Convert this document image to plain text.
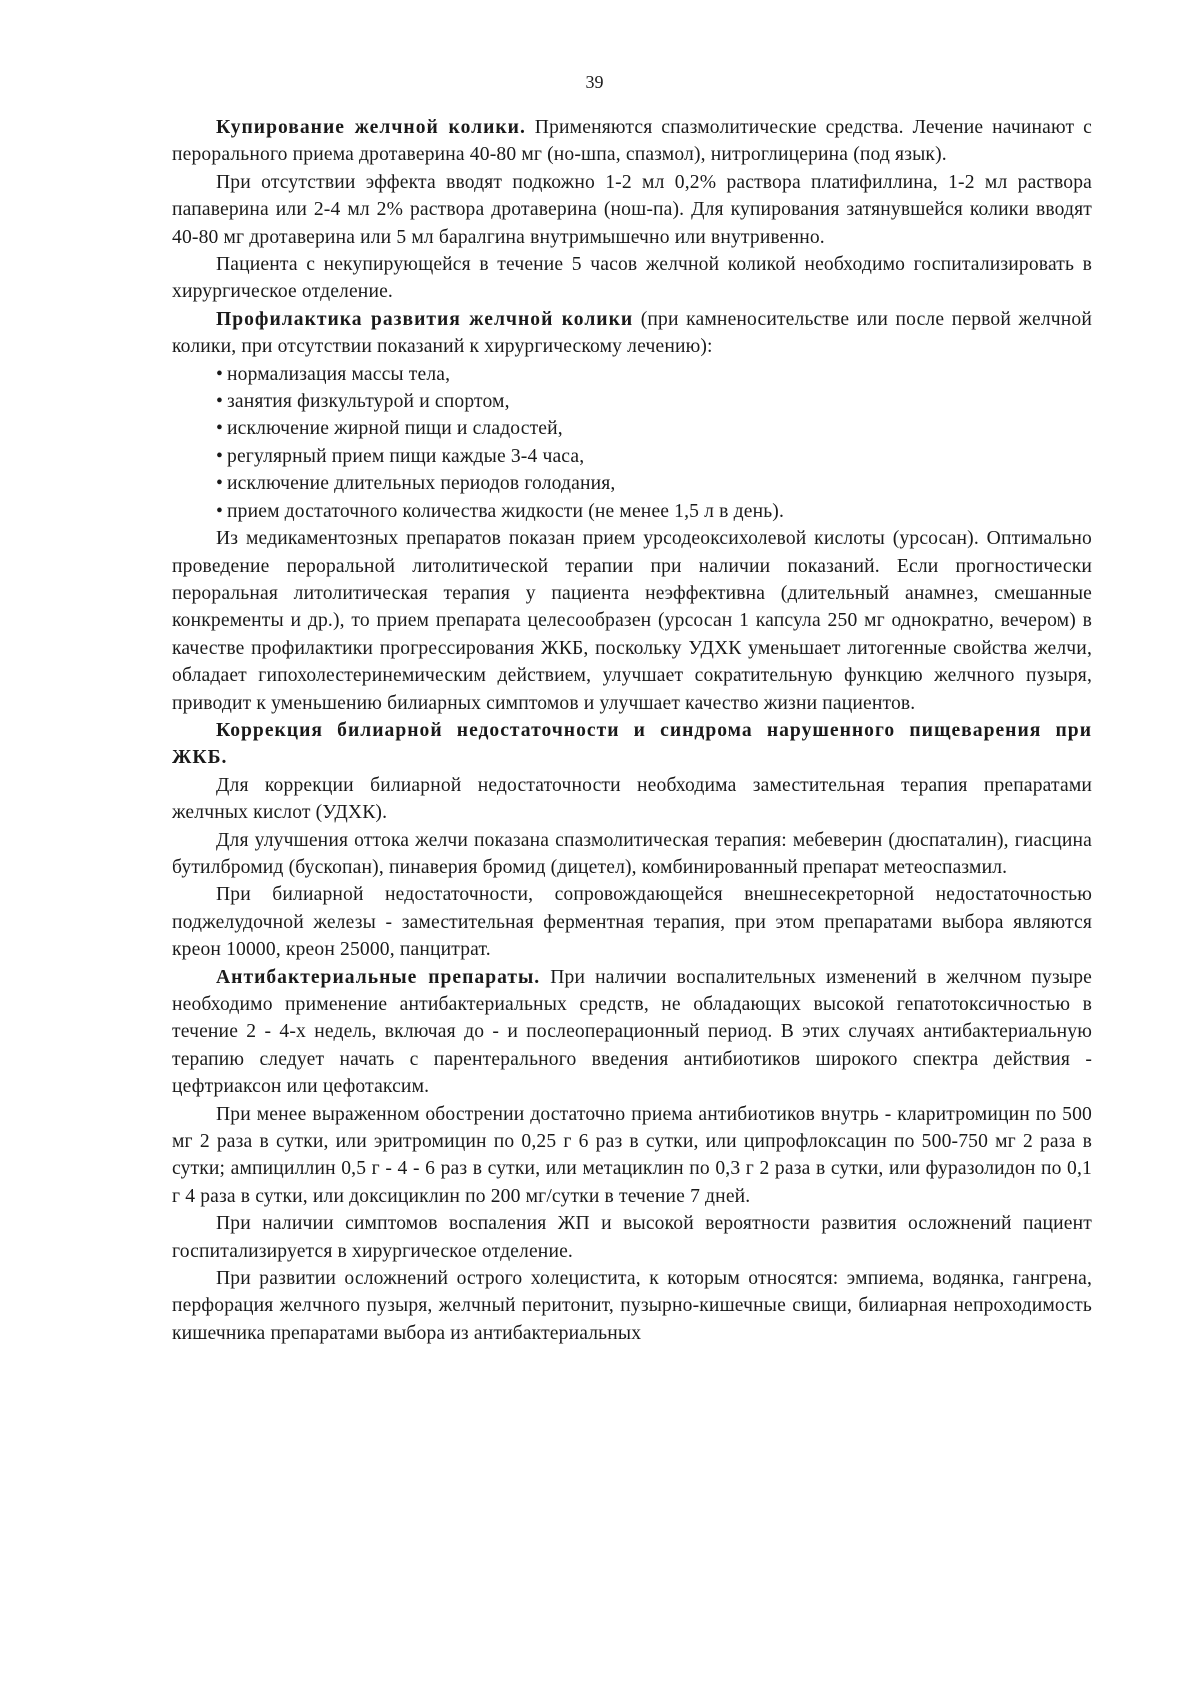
39

Купирование желчной колики. Применяются спазмолитические средства. Лечение начинают с перорального приема дротаверина 40-80 мг (но-шпа, спазмол), нитроглицерина (под язык).

При отсутствии эффекта вводят подкожно 1-2 мл 0,2% раствора платифиллина, 1-2 мл раствора папаверина или 2-4 мл 2% раствора дротаверина (нош-па). Для купирования затянувшейся колики вводят 40-80 мг дротаверина или 5 мл баралгина внутримышечно или внутривенно.

Пациента с некупирующейся в течение 5 часов желчной коликой необходимо госпитализировать в хирургическое отделение.

Профилактика развития желчной колики (при камненосительстве или после первой желчной колики, при отсутствии показаний к хирургическому лечению):

• нормализация массы тела,
• занятия физкультурой и спортом,
• исключение жирной пищи и сладостей,
• регулярный прием пищи каждые 3-4 часа,
• исключение длительных периодов голодания,
• прием достаточного количества жидкости (не менее 1,5 л в день).

Из медикаментозных препаратов показан прием урсодеоксихолевой кислоты (урсосан). Оптимально проведение пероральной литолитической терапии при наличии показаний. Если прогностически пероральная литолитическая терапия у пациента неэффективна (длительный анамнез, смешанные конкременты и др.), то прием препарата целесообразен (урсосан 1 капсула 250 мг однократно, вечером) в качестве профилактики прогрессирования ЖКБ, поскольку УДХК уменьшает литогенные свойства желчи, обладает гипохолестеринемическим действием, улучшает сократительную функцию желчного пузыря, приводит к уменьшению билиарных симптомов и улучшает качество жизни пациентов.

Коррекция билиарной недостаточности и синдрома нарушенного пищеварения при ЖКБ.

Для коррекции билиарной недостаточности необходима заместительная терапия препаратами желчных кислот (УДХК).

Для улучшения оттока желчи показана спазмолитическая терапия: мебеверин (дюспаталин), гиасцина бутилбромид (бускопан), пинаверия бромид (дицетел), комбинированный препарат метеоспазмил.

При билиарной недостаточности, сопровождающейся внешнесекреторной недостаточностью поджелудочной железы - заместительная ферментная терапия, при этом препаратами выбора являются креон 10000, креон 25000, панцитрат.

Антибактериальные препараты. При наличии воспалительных изменений в желчном пузыре необходимо применение антибактериальных средств, не обладающих высокой гепатотоксичностью в течение 2 - 4-х недель, включая до - и послеоперационный период. В этих случаях антибактериальную терапию следует начать с парентерального введения антибиотиков широкого спектра действия - цефтриаксон или цефотаксим.

При менее выраженном обострении достаточно приема антибиотиков внутрь - кларитромицин по 500 мг 2 раза в сутки, или эритромицин по 0,25 г 6 раз в сутки, или ципрофлоксацин по 500-750 мг 2 раза в сутки; ампициллин 0,5 г - 4 - 6 раз в сутки, или метациклин по 0,3 г 2 раза в сутки, или фуразолидон по 0,1 г 4 раза в сутки, или доксициклин по 200 мг/сутки в течение 7 дней.

При наличии симптомов воспаления ЖП и высокой вероятности развития осложнений пациент госпитализируется в хирургическое отделение.

При развитии осложнений острого холецистита, к которым относятся: эмпиема, водянка, гангрена, перфорация желчного пузыря, желчный перитонит, пузырно-кишечные свищи, билиарная непроходимость кишечника препаратами выбора из антибактериальных
